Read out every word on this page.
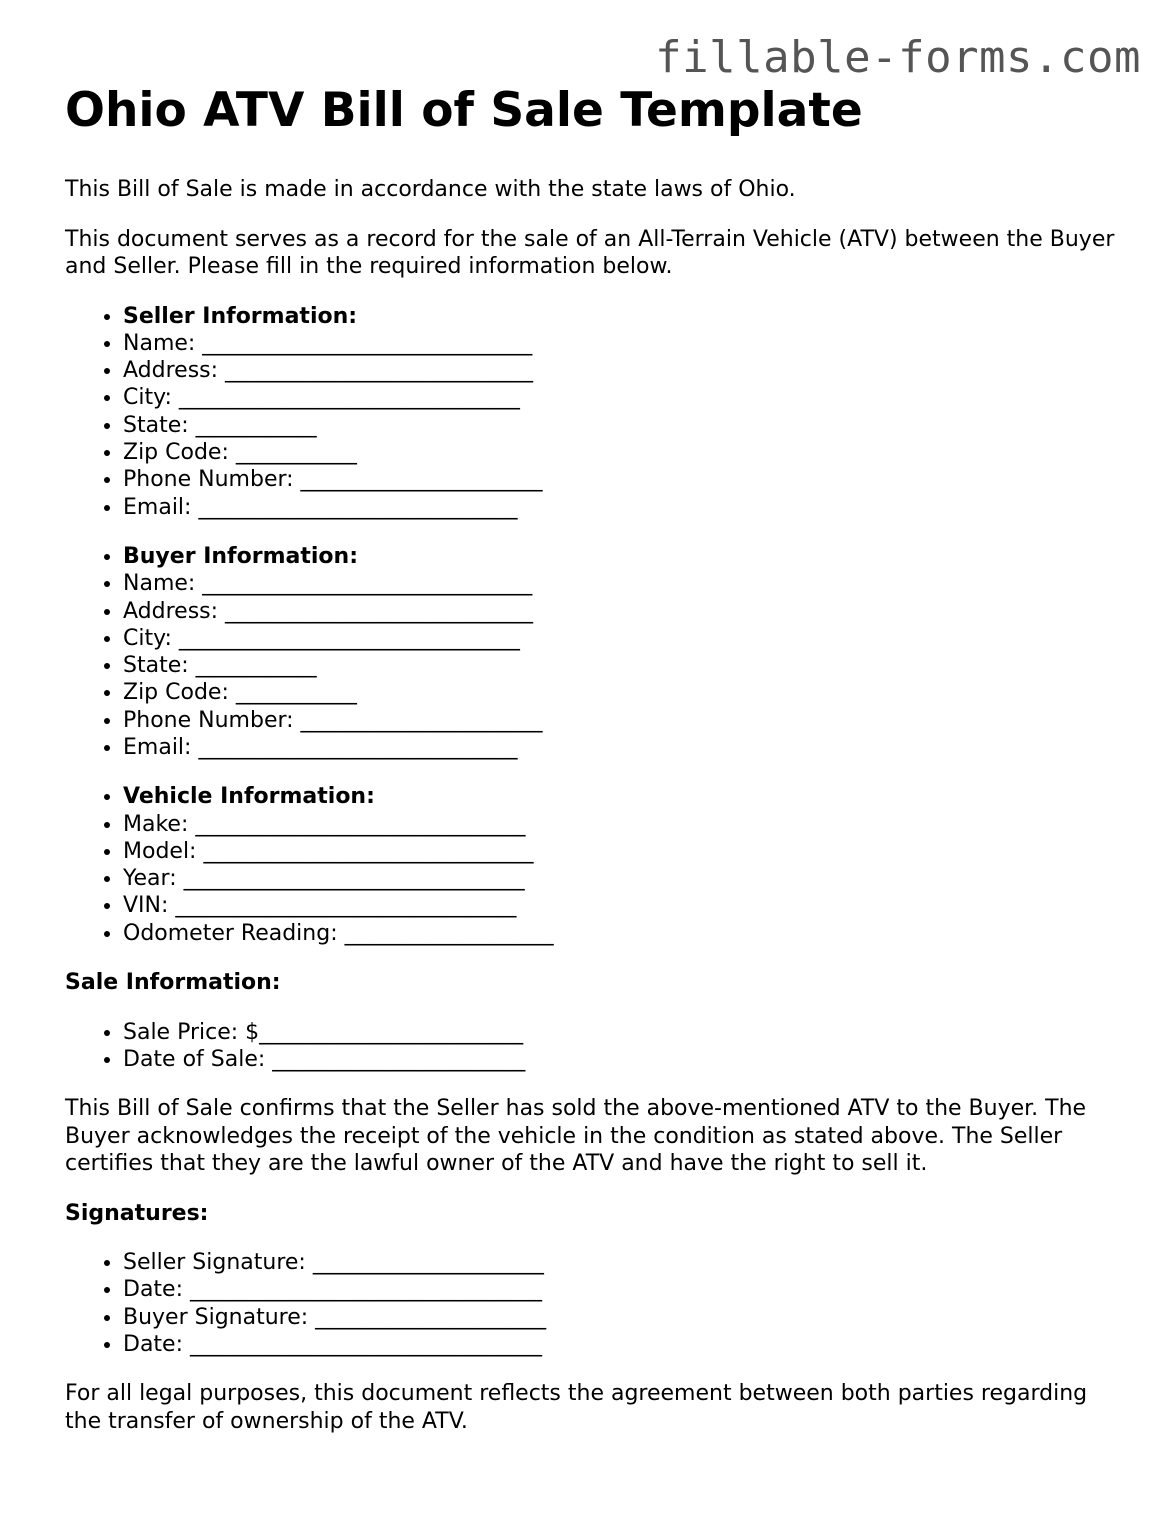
fillable-forms.com
Ohio ATV Bill of Sale Template

This Bill of Sale is made in accordance with the state laws of Ohio.

This document serves as a record for the sale of an All-Terrain Vehicle (ATV) between the Buyer and Seller. Please fill in the required information below.

• Seller Information:
• Name: ______________________________
• Address: ____________________________
• City: _______________________________
• State: ___________
• Zip Code: ___________
• Phone Number: ______________________
• Email: _____________________________
• Buyer Information:
• Name: ______________________________
• Address: ____________________________
• City: _______________________________
• State: ___________
• Zip Code: ___________
• Phone Number: ______________________
• Email: _____________________________
• Vehicle Information:
• Make: ______________________________
• Model: ______________________________
• Year: _______________________________
• VIN: _______________________________
• Odometer Reading: ___________________
Sale Information:
• Sale Price: $________________________
• Date of Sale: _______________________

This Bill of Sale confirms that the Seller has sold the above-mentioned ATV to the Buyer. The Buyer acknowledges the receipt of the vehicle in the condition as stated above. The Seller certifies that they are the lawful owner of the ATV and have the right to sell it.

Signatures:
• Seller Signature: _____________________
• Date: ________________________________
• Buyer Signature: _____________________
• Date: ________________________________

For all legal purposes, this document reflects the agreement between both parties regarding the transfer of ownership of the ATV.
